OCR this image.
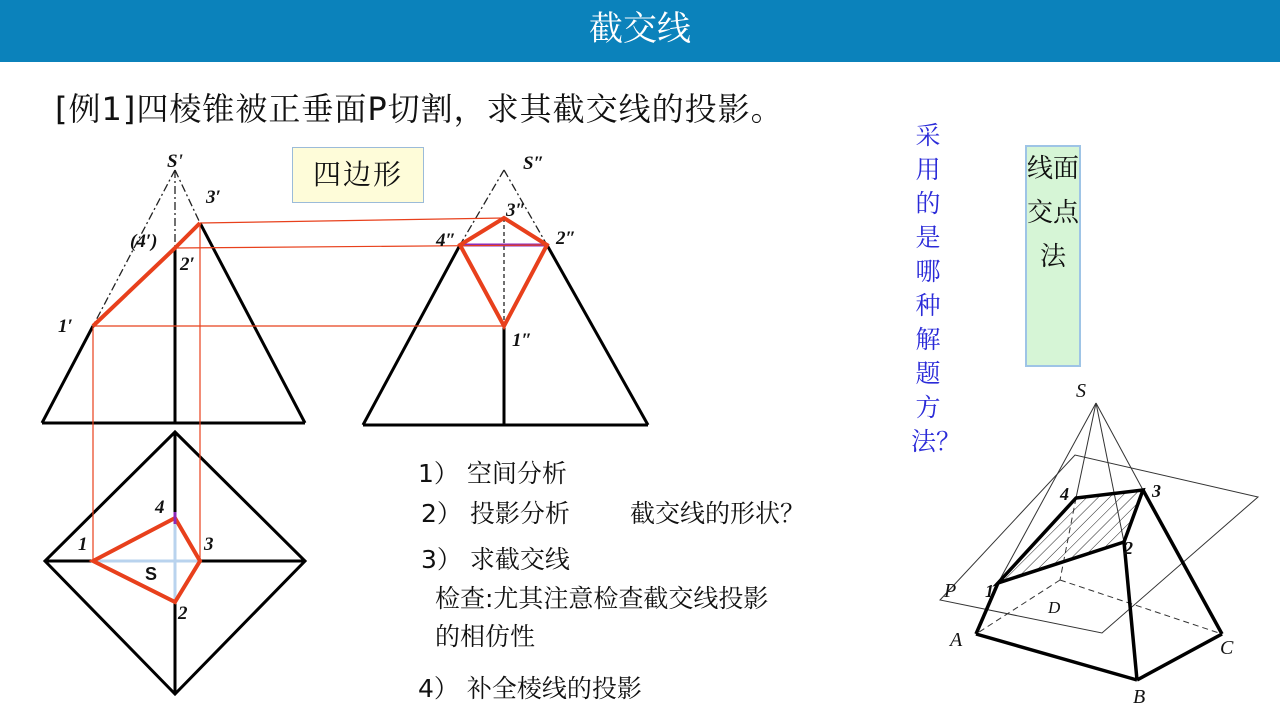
截交线
[例1]四棱锥被正垂面P切割，求其截交线的投影。
四边形
采用的是哪种解题方法？
线面交点法
1） 空间分析
2） 投影分析 截交线的形状？
3） 求截交线
检查:尤其注意检查截交线投影
的相仿性
4） 补全棱线的投影
S'
3′
(4′)
2′
1′
S″
3″
4″	2″
1″
4
1	3
2
S
S
P
A
B
C
D
1
2
3
4
